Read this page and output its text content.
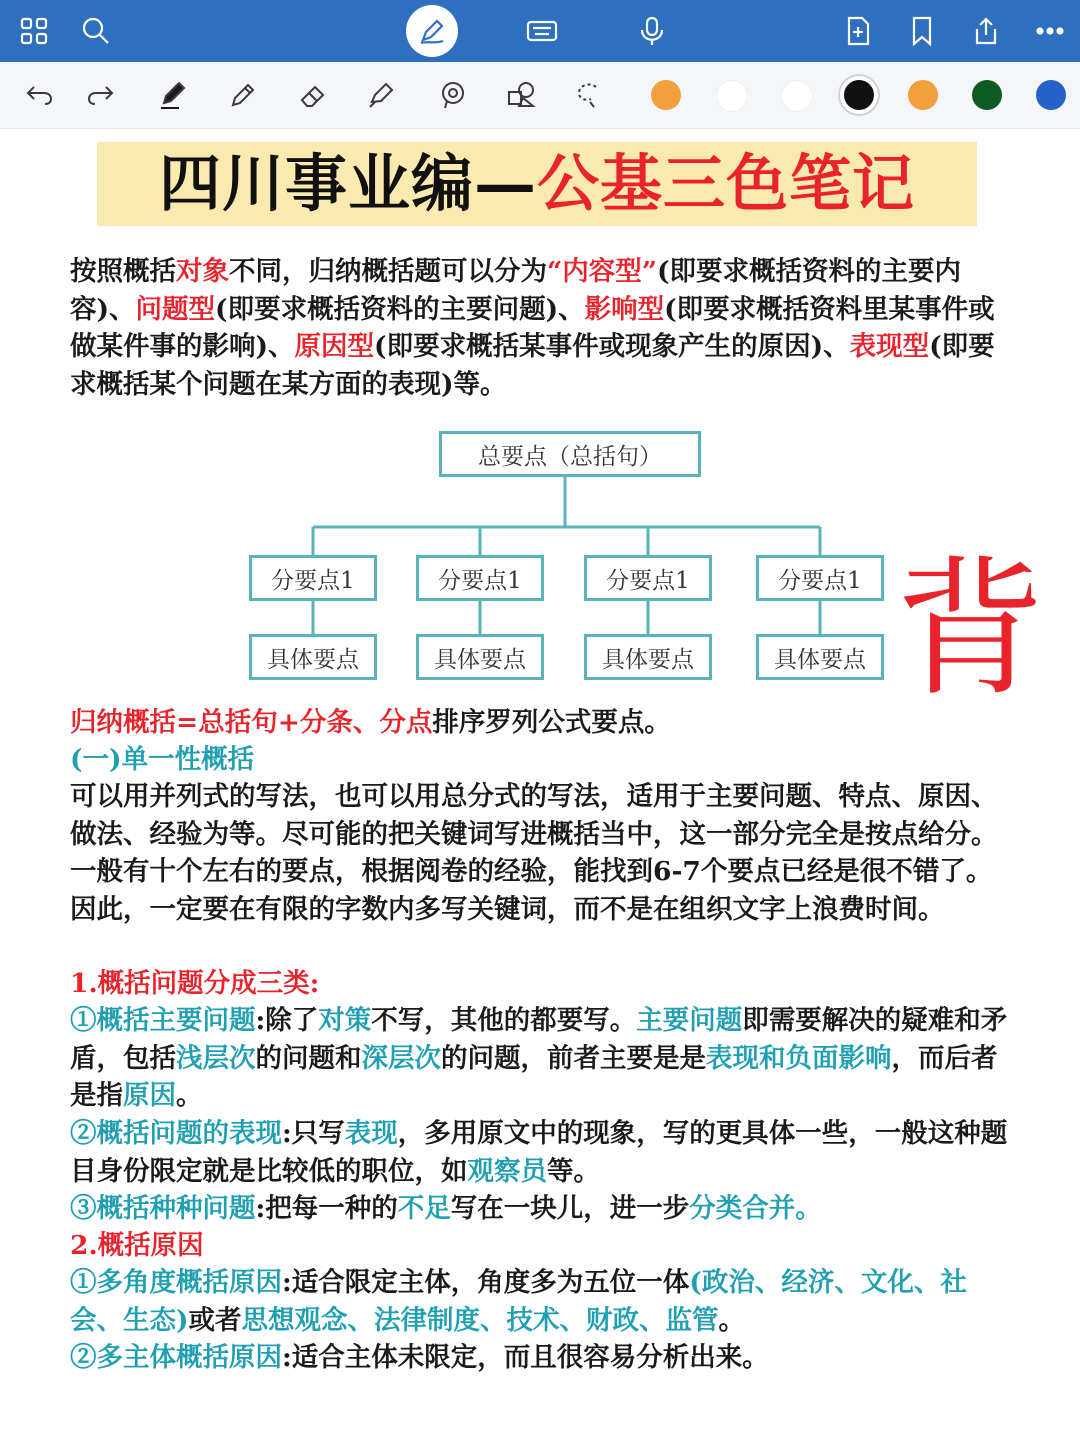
四川事业编—公基三色笔记
按照概括对象不同，归纳概括题可以分为“内容型”(即要求概括资料的主要内容)、问题型(即要求概括资料的主要问题)、影响型(即要求概括资料里某事件或做某件事的影响)、原因型(即要求概括某事件或现象产生的原因)、表现型(即要求概括某个问题在某方面的表现)等。
总要点（总括句）
分要点1	分要点1	分要点1	分要点1
具体要点	具体要点	具体要点	具体要点 背
归纳概括=总括句+分条、分点排序罗列公式要点。
(一)单一性概括
可以用并列式的写法，也可以用总分式的写法，适用于主要问题、特点、原因、做法、经验为等。尽可能的把关键词写进概括当中，这一部分完全是按点给分。一般有十个左右的要点，根据阅卷的经验，能找到6-7个要点已经是很不错了。因此，一定要在有限的字数内多写关键词，而不是在组织文字上浪费时间。
1.概括问题分成三类:
①概括主要问题:除了对策不写，其他的都要写。主要问题即需要解决的疑难和矛盾，包括浅层次的问题和深层次的问题，前者主要是是表现和负面影响，而后者是指原因。
②概括问题的表现:只写表现，多用原文中的现象，写的更具体一些，一般这种题目身份限定就是比较低的职位，如观察员等。
③概括种种问题:把每一种的不足写在一块儿，进一步分类合并。
2.概括原因
①多角度概括原因:适合限定主体，角度多为五位一体(政治、经济、文化、社会、生态)或者思想观念、法律制度、技术、财政、监管。
②多主体概括原因:适合主体未限定，而且很容易分析出来。
